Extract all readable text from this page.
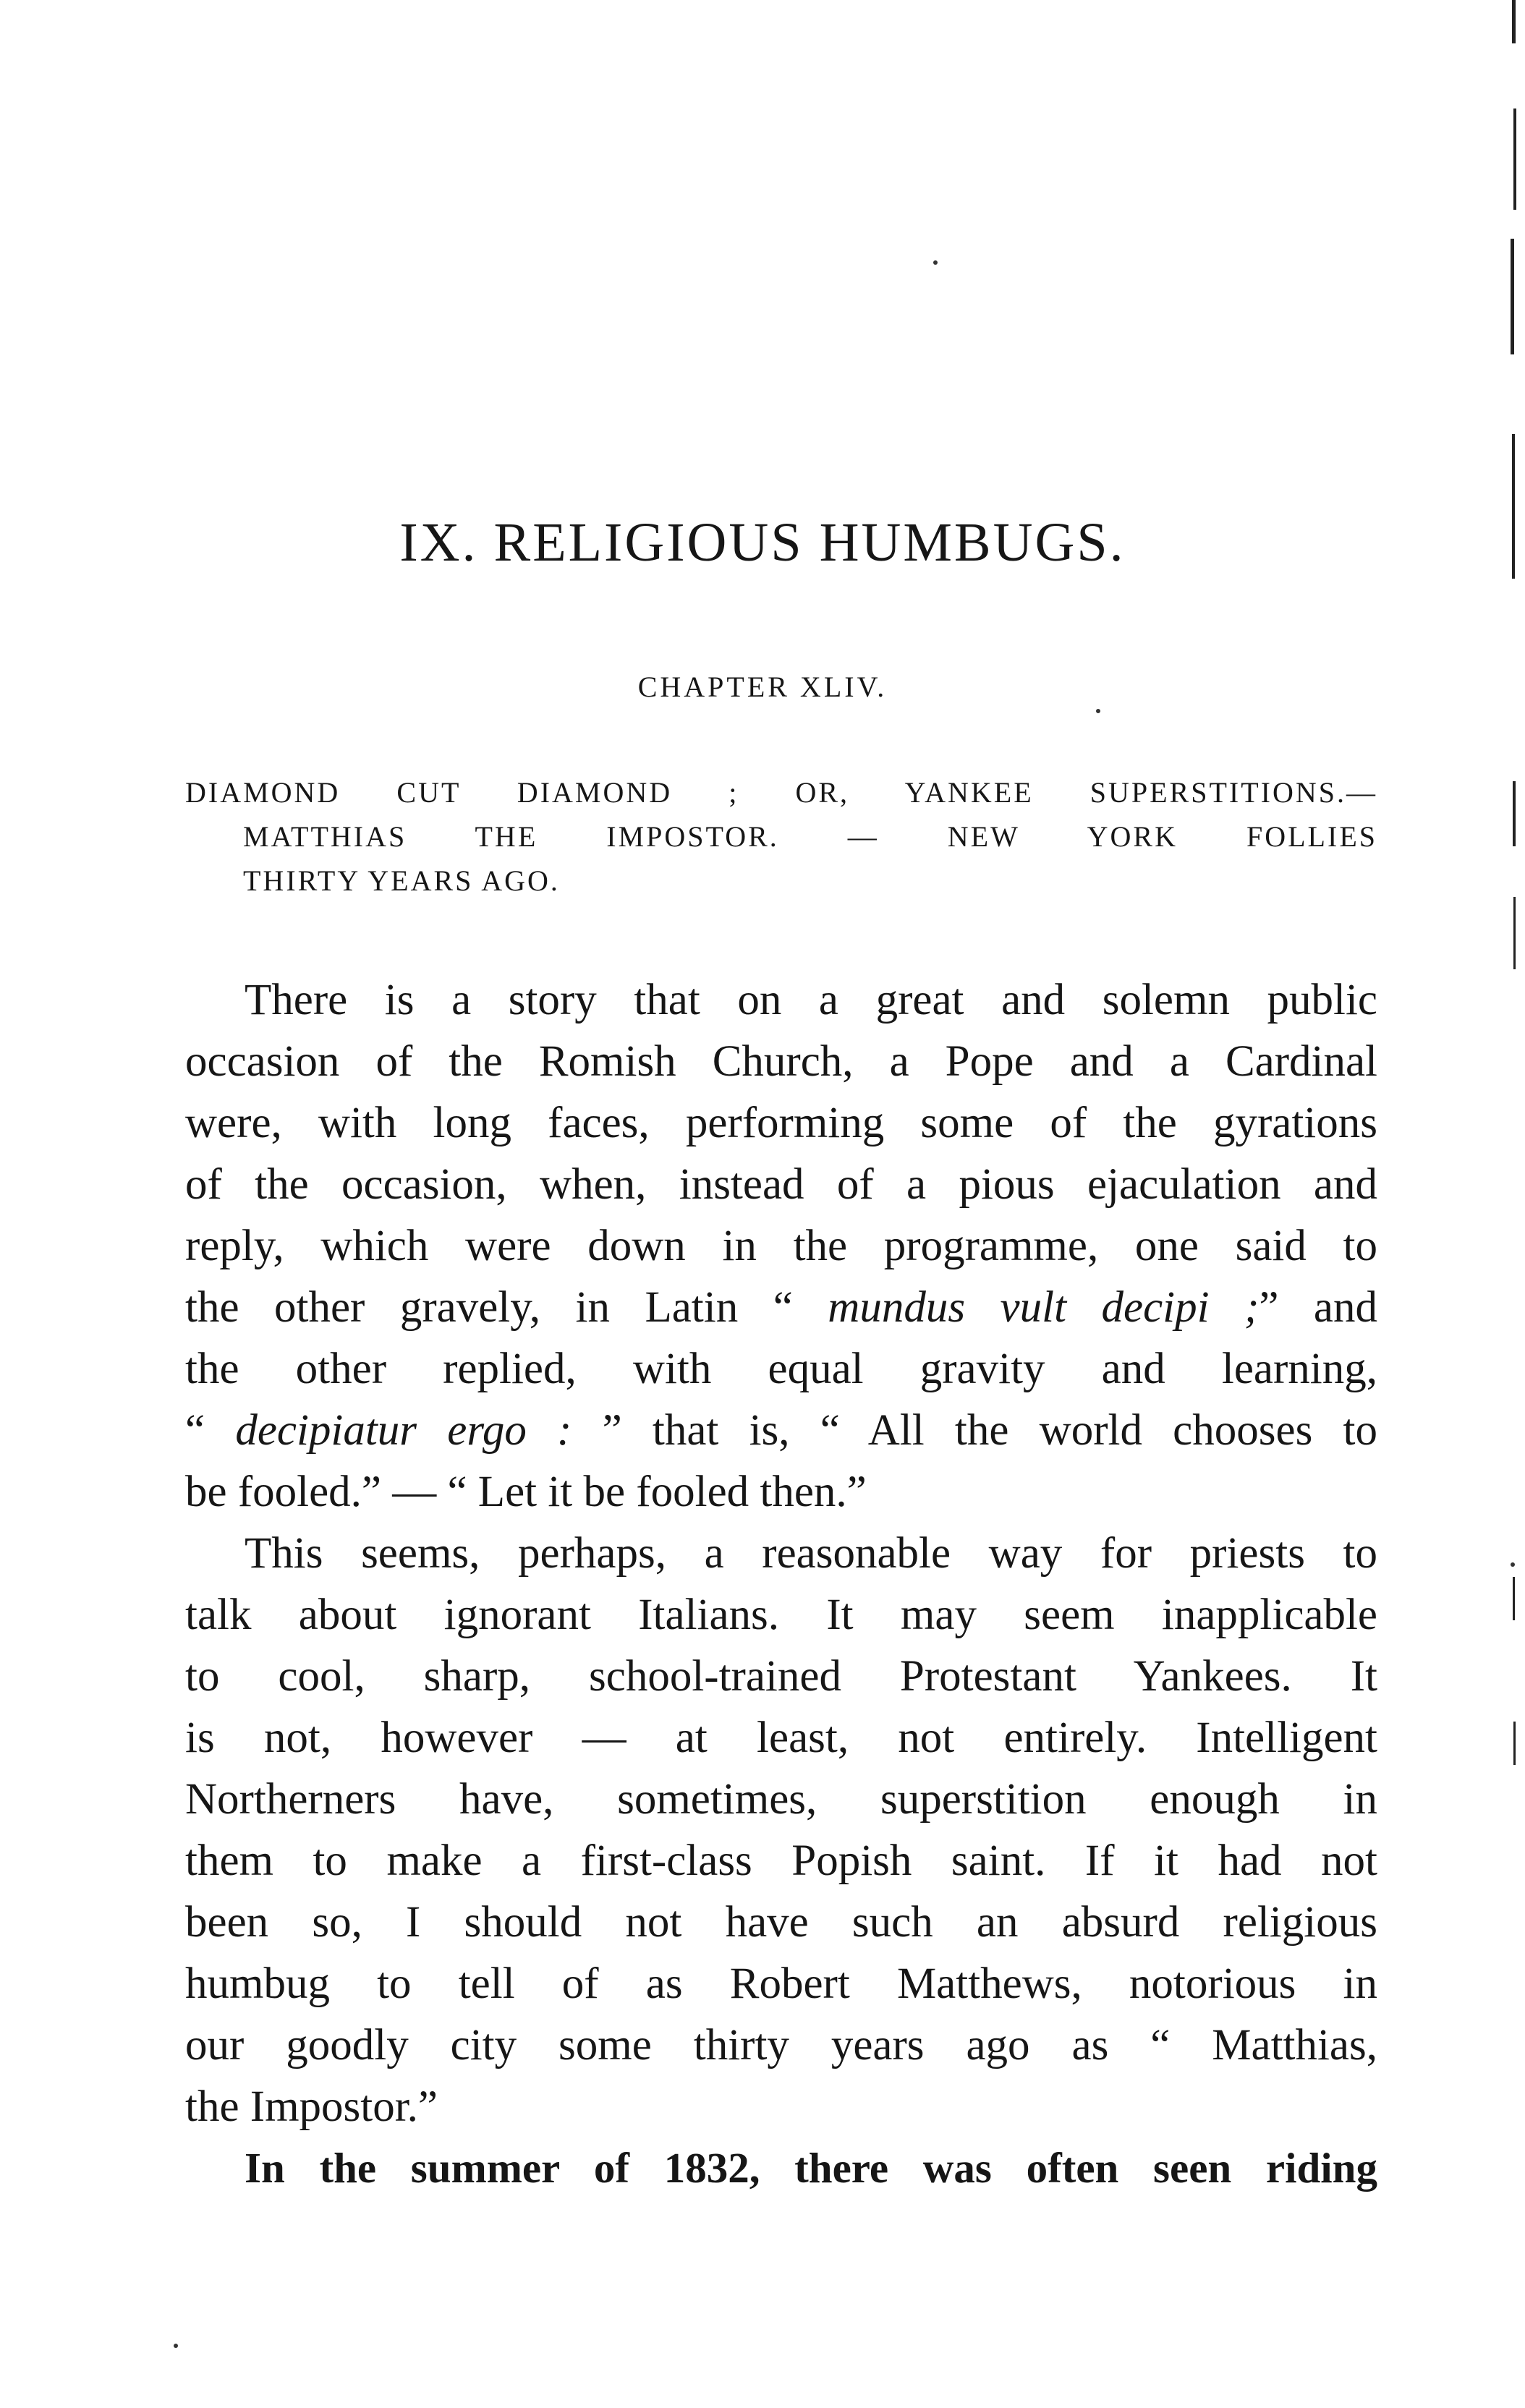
IX. RELIGIOUS HUMBUGS.
CHAPTER XLIV.
DIAMOND CUT DIAMOND ; OR, YANKEE SUPERSTITIONS.—
MATTHIAS THE IMPOSTOR. — NEW YORK FOLLIES
THIRTY YEARS AGO.
There is a story that on a great and solemn public
occasion of the Romish Church, a Pope and a Cardinal
were, with long faces, performing some of the gyrations
of the occasion, when, instead of a pious ejaculation and
reply, which were down in the programme, one said to
the other gravely, in Latin “ mundus vult decipi ;” and
the other replied, with equal gravity and learning,
“ decipiatur ergo : ” that is, “ All the world chooses to
be fooled.” — “ Let it be fooled then.”
This seems, perhaps, a reasonable way for priests to
talk about ignorant Italians. It may seem inapplicable
to cool, sharp, school-trained Protestant Yankees. It
is not, however — at least, not entirely. Intelligent
Northerners have, sometimes, superstition enough in
them to make a first-class Popish saint. If it had not
been so, I should not have such an absurd religious
humbug to tell of as Robert Matthews, notorious in
our goodly city some thirty years ago as “ Matthias,
the Impostor.”
In the summer of 1832, there was often seen riding
